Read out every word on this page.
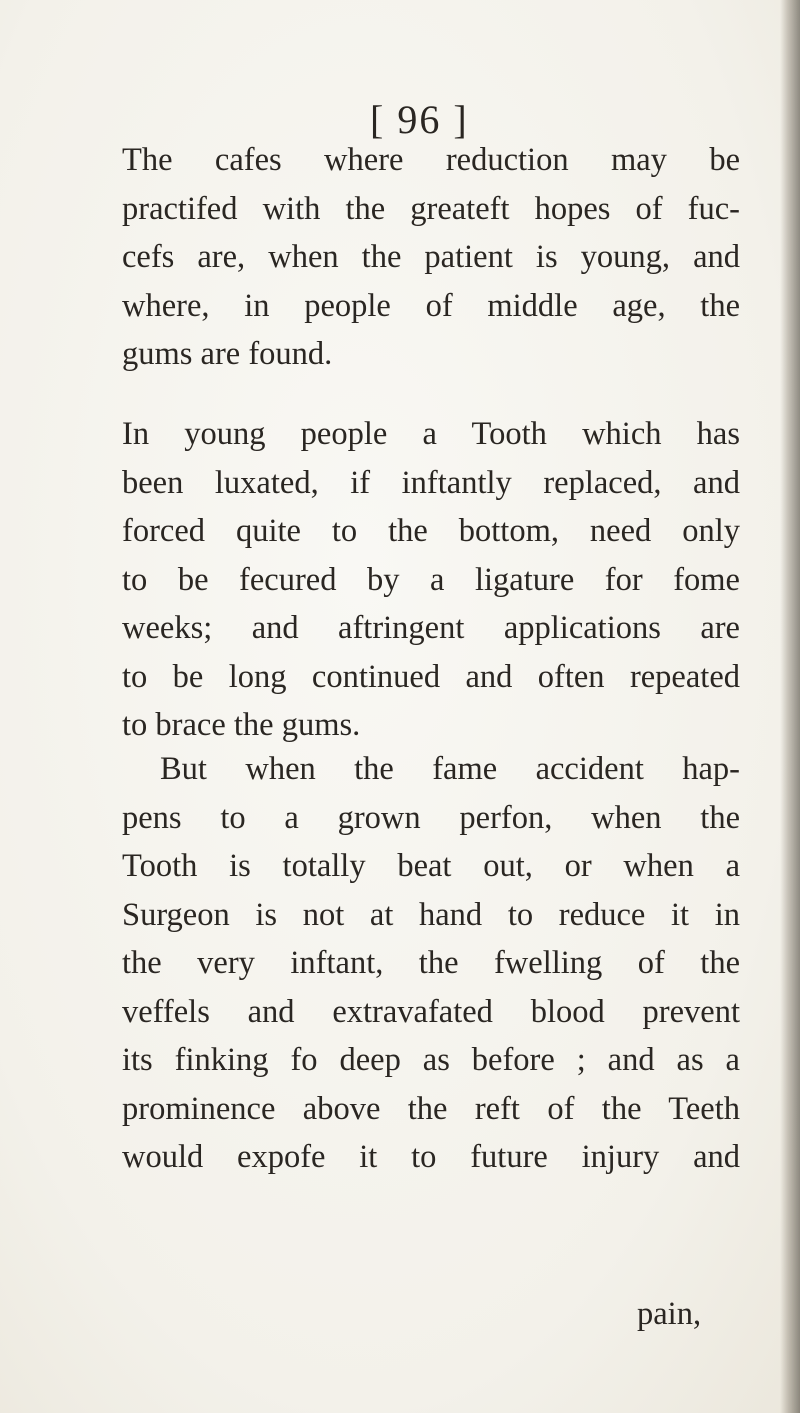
[ 96 ]
The cafes where reduction may be
practifed with the greateft hopes of fuc-
cefs are, when the patient is young, and
where, in people of middle age, the
gums are found.
In young people a Tooth which has
been luxated, if inftantly replaced, and
forced quite to the bottom, need only
to be fecured by a ligature for fome
weeks; and aftringent applications are
to be long continued and often repeated
to brace the gums.
But when the fame accident hap-
pens to a grown perfon, when the
Tooth is totally beat out, or when a
Surgeon is not at hand to reduce it in
the very inftant, the fwelling of the
veffels and extravafated blood prevent
its finking fo deep as before ; and as a
prominence above the reft of the Teeth
would expofe it to future injury and
pain,
